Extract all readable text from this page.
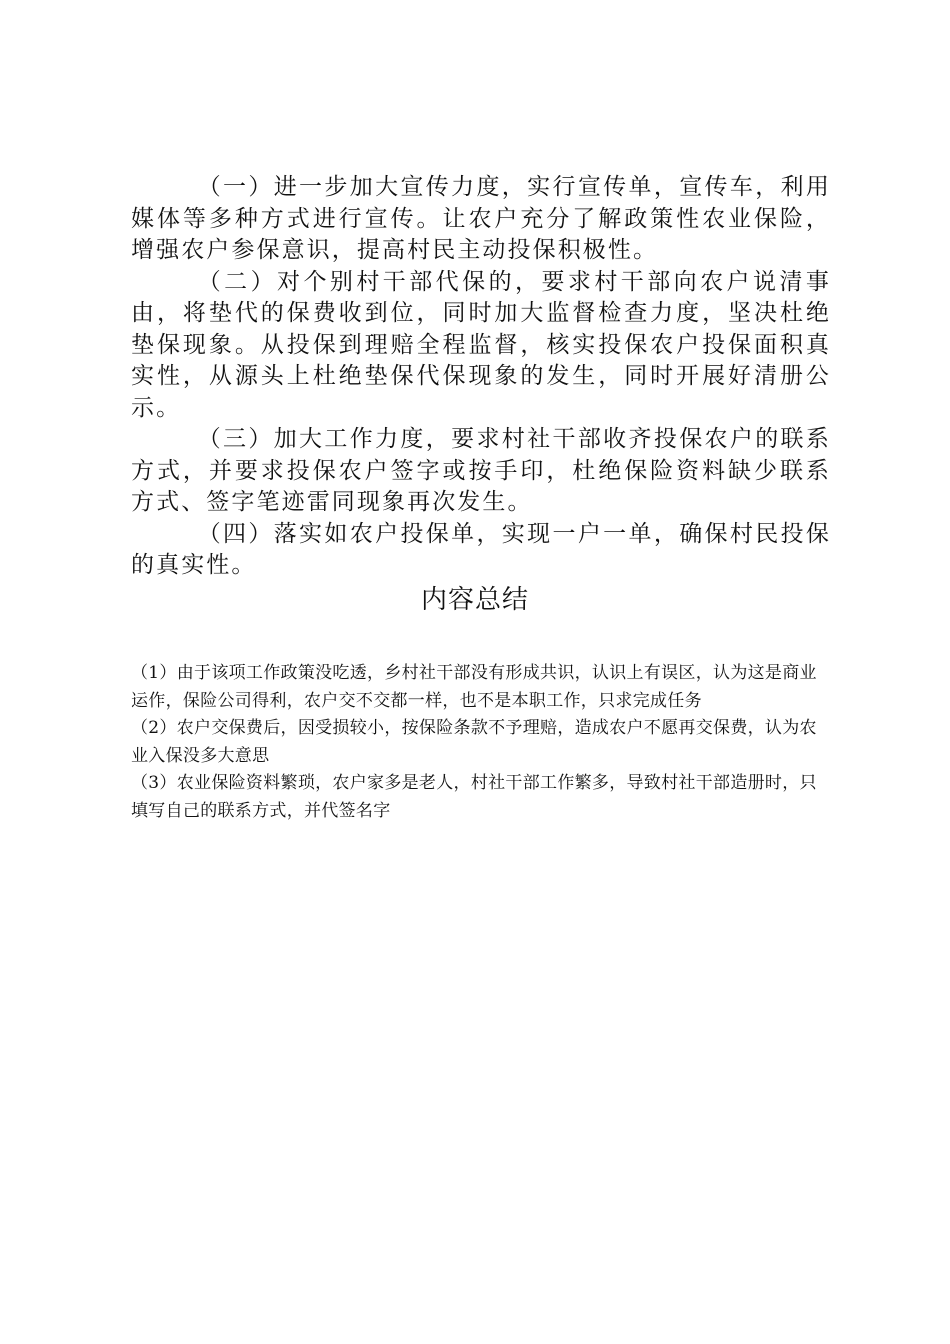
（一）进一步加大宣传力度，实行宣传单，宣传车，利用媒体等多种方式进行宣传。让农户充分了解政策性农业保险，增强农户参保意识，提高村民主动投保积极性。

（二）对个别村干部代保的，要求村干部向农户说清事由，将垫代的保费收到位，同时加大监督检查力度，坚决杜绝垫保现象。从投保到理赔全程监督，核实投保农户投保面积真实性，从源头上杜绝垫保代保现象的发生，同时开展好清册公示。

（三）加大工作力度，要求村社干部收齐投保农户的联系方式，并要求投保农户签字或按手印，杜绝保险资料缺少联系方式、签字笔迹雷同现象再次发生。

（四）落实如农户投保单，实现一户一单，确保村民投保的真实性。

内容总结

（1）由于该项工作政策没吃透，乡村社干部没有形成共识，认识上有误区，认为这是商业运作，保险公司得利，农户交不交都一样，也不是本职工作，只求完成任务

（2）农户交保费后，因受损较小，按保险条款不予理赔，造成农户不愿再交保费，认为农业入保没多大意思

（3）农业保险资料繁琐，农户家多是老人，村社干部工作繁多，导致村社干部造册时，只填写自己的联系方式，并代签名字
